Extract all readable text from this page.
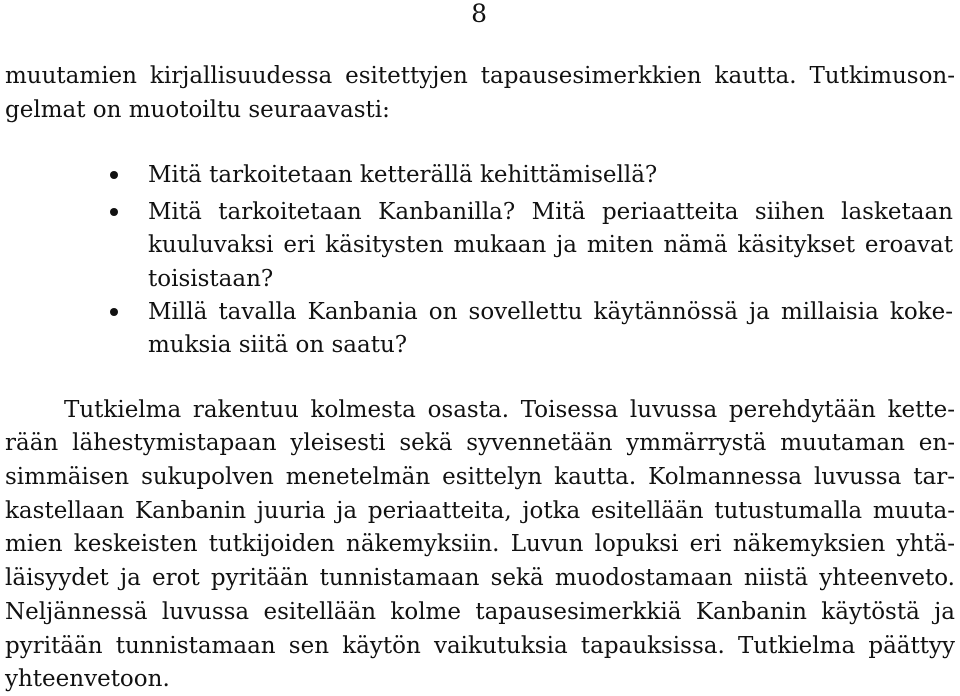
8
muutamien kirjallisuudessa esitettyjen tapausesimerkkien kautta. Tutkimuson-
gelmat on muotoiltu seuraavasti:
Mitä tarkoitetaan ketterällä kehittämisellä?
Mitä tarkoitetaan Kanbanilla? Mitä periaatteita siihen lasketaan
kuuluvaksi eri käsitysten mukaan ja miten nämä käsitykset eroavat
toisistaan?
Millä tavalla Kanbania on sovellettu käytännössä ja millaisia koke-
muksia siitä on saatu?
Tutkielma rakentuu kolmesta osasta. Toisessa luvussa perehdytään kette-
rään lähestymistapaan yleisesti sekä syvennetään ymmärrystä muutaman en-
simmäisen sukupolven menetelmän esittelyn kautta. Kolmannessa luvussa tar-
kastellaan Kanbanin juuria ja periaatteita, jotka esitellään tutustumalla muuta-
mien keskeisten tutkijoiden näkemyksiin. Luvun lopuksi eri näkemyksien yhtä-
läisyydet ja erot pyritään tunnistamaan sekä muodostamaan niistä yhteenveto.
Neljännessä luvussa esitellään kolme tapausesimerkkiä Kanbanin käytöstä ja
pyritään tunnistamaan sen käytön vaikutuksia tapauksissa. Tutkielma päättyy
yhteenvetoon.
